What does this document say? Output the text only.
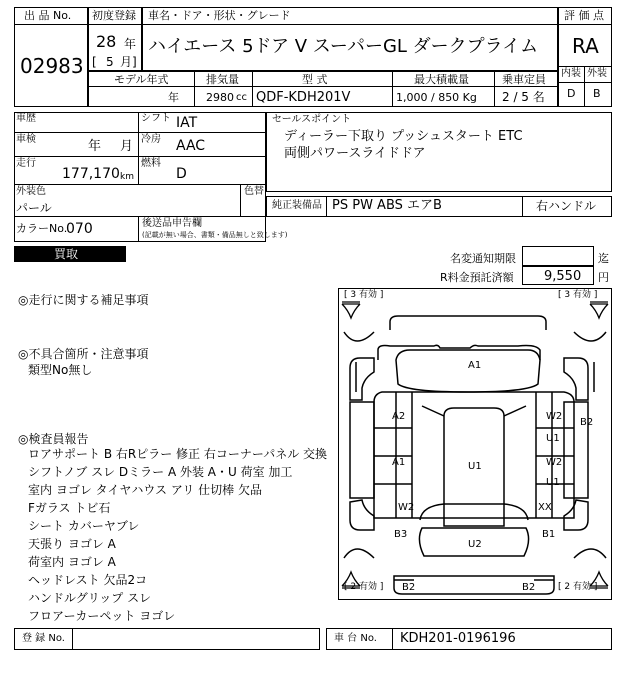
出 品 No.
02983
初度登録
28 年
[ 5 月]
車名・ドア・形状・グレード
ハイエース 5ドア V スーパーGL ダークプライム
評 価 点
RA
内装 外装
D B
モデル年式
年
排気量
2980 cc
型 式
QDF-KDH201V
最大積載量
1,000 / 850 Kg
乗車定員
2 / 5 名
車歴	シフト IAT
車検	年 月 冷房 AAC
走行
177,170 km
燃料
D
外装色
パール
色替
カラーNo.
070	後送品申告欄
(記載が無い場合、書類・備品無しと致します)
セールスポイント
ディーラー下取り プッシュスタート ETC
両側パワースライドドア
純正装備品 PS PW ABS エアB	右ハンドル
買取	名変通知期限	迄
R料金預託済額 9,550 円
◎走行に関する補足事項
◎不具合箇所・注意事項
類型No無し
◎検査員報告
ロアサポート B 右Rピラー 修正 右コーナーパネル 交換
シフトノブ スレ Dミラー A 外装 A・U 荷室 加工
室内 ヨゴレ タイヤハウス アリ 仕切棒 欠品
Fガラス トビ石
シート カバーヤブレ
天張り ヨゴレ A
荷室内 ヨゴレ A
ヘッドレスト 欠品2コ
ハンドルグリップ スレ
フロアーカーペット ヨゴレ
[ 3 有効 ]	[ 3 有効 ]
[ 2 有効 ]	[ 2 有効 ]
A1
A2
A1	U1
W2
U1
B2
W2
U1
W2
B3
XX
B1
U2
B2	B2
登 録 No.	車 台 No. KDH201-0196196
